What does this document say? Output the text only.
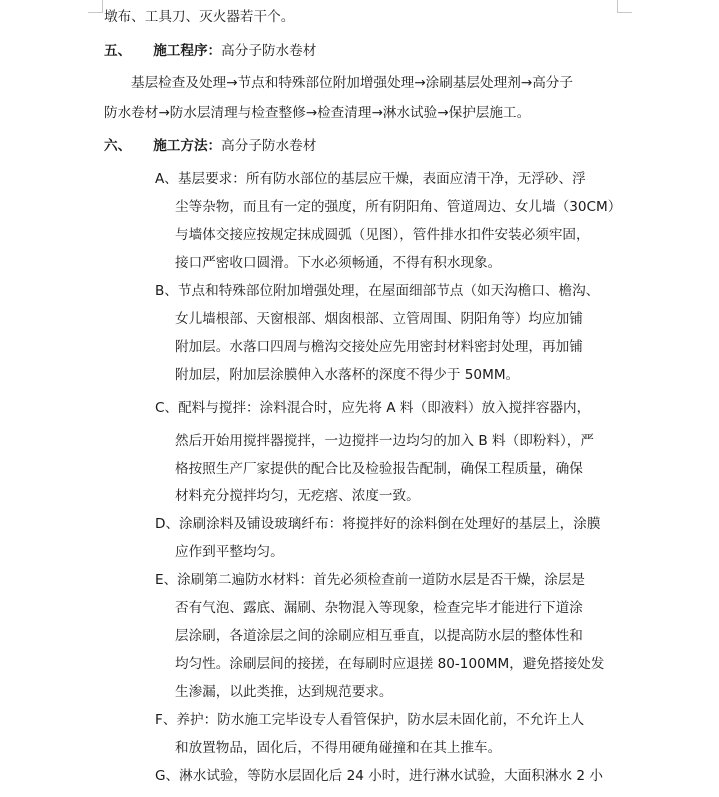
墩布、工具刀、灭火器若干个。
五、 施工程序：高分子防水卷材
基层检查及处理→节点和特殊部位附加增强处理→涂刷基层处理剂→高分子
防水卷材→防水层清理与检查整修→检查清理→淋水试验→保护层施工。
六、 施工方法：高分子防水卷材
A、基层要求：所有防水部位的基层应干燥，表面应清干净，无浮砂、浮
尘等杂物，而且有一定的强度，所有阴阳角、管道周边、女儿墙（30CM）
与墙体交接应按规定抹成圆弧（见图），管件排水扣件安装必须牢固，
接口严密收口圆滑。下水必须畅通，不得有积水现象。
B、节点和特殊部位附加增强处理，在屋面细部节点（如天沟檐口、檐沟、
女儿墙根部、天窗根部、烟囱根部、立管周围、阴阳角等）均应加铺
附加层。水落口四周与檐沟交接处应先用密封材料密封处理，再加铺
附加层，附加层涂膜伸入水落杯的深度不得少于 50MM。
C、配料与搅拌：涂料混合时，应先将 A 料（即液料）放入搅拌容器内，
然后开始用搅拌器搅拌，一边搅拌一边均匀的加入 B 料（即粉料），严
格按照生产厂家提供的配合比及检验报告配制，确保工程质量，确保
材料充分搅拌均匀，无疙瘩、浓度一致。
D、涂刷涂料及铺设玻璃纤布：将搅拌好的涂料倒在处理好的基层上，涂膜
应作到平整均匀。
E、涂刷第二遍防水材料：首先必须检查前一道防水层是否干燥，涂层是
否有气泡、露底、漏刷、杂物混入等现象，检查完毕才能进行下道涂
层涂刷，各道涂层之间的涂刷应相互垂直，以提高防水层的整体性和
均匀性。涂刷层间的接搓，在每刷时应退搓 80-100MM，避免搭接处发
生渗漏，以此类推，达到规范要求。
F、养护：防水施工完毕设专人看管保护，防水层未固化前，不允许上人
和放置物品，固化后，不得用硬角碰撞和在其上推车。
G、淋水试验，等防水层固化后 24 小时，进行淋水试验，大面积淋水 2 小
